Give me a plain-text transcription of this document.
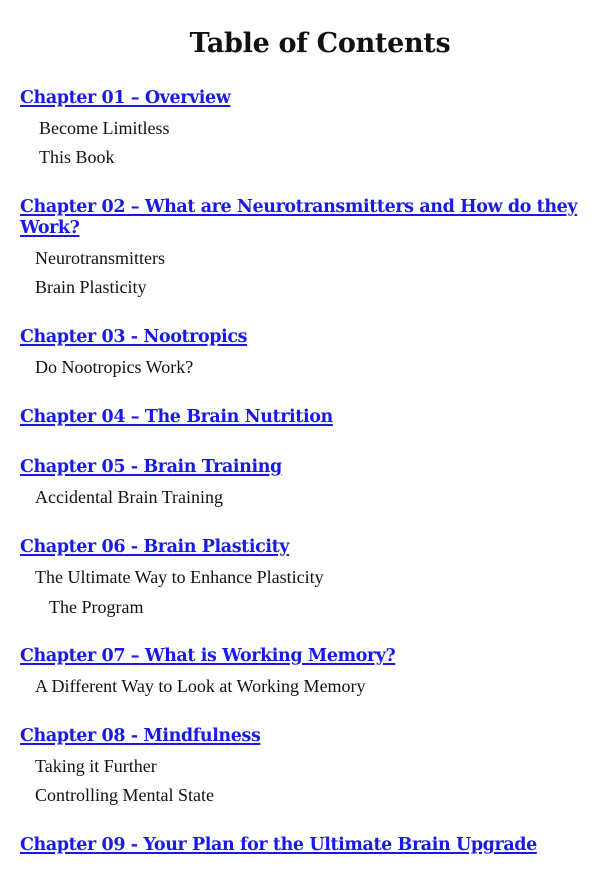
Table of Contents
Chapter 01 – Overview
Become Limitless
This Book
Chapter 02 – What are Neurotransmitters and How do they Work?
Neurotransmitters
Brain Plasticity
Chapter 03 - Nootropics
Do Nootropics Work?
Chapter 04 – The Brain Nutrition
Chapter 05 - Brain Training
Accidental Brain Training
Chapter 06 - Brain Plasticity
The Ultimate Way to Enhance Plasticity
The Program
Chapter 07 – What is Working Memory?
A Different Way to Look at Working Memory
Chapter 08 - Mindfulness
Taking it Further
Controlling Mental State
Chapter 09 - Your Plan for the Ultimate Brain Upgrade
